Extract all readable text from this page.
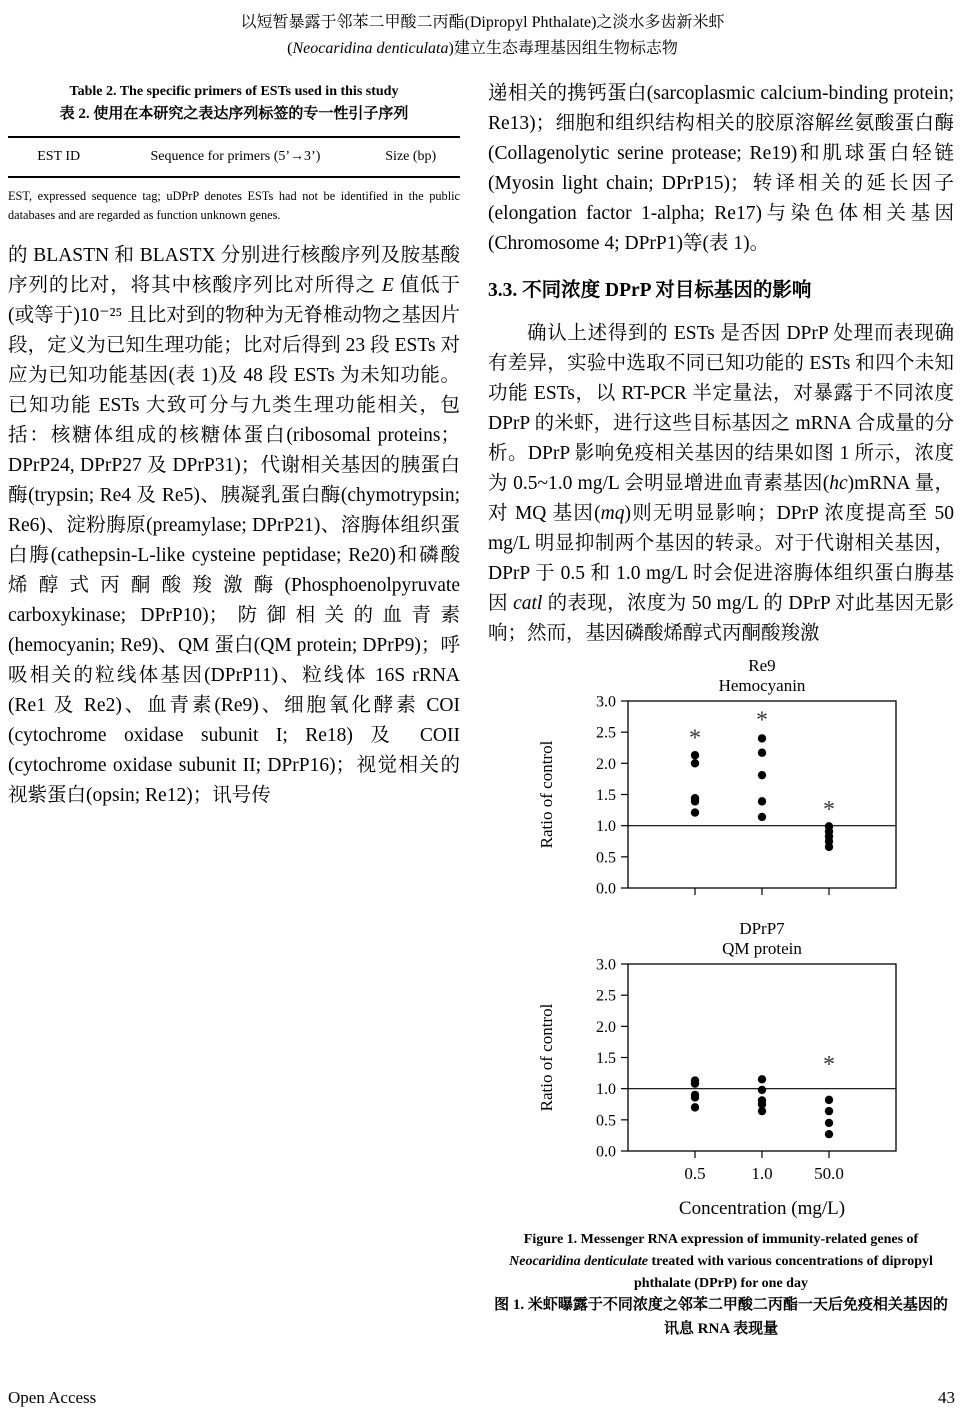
以短暂暴露于邻苯二甲酸二丙酯(Dipropyl Phthalate)之淡水多齿新米虾
(Neocaridina denticulata)建立生态毒理基因组生物标志物
Table 2. The specific primers of ESTs used in this study
表 2. 使用在本研究之表达序列标签的专一性引子序列
EST ID	Sequence for primers (5’→3’)	Size (bp)
EST, expressed sequence tag; uDPrP denotes ESTs had not be identified in the public databases and are regarded as function unknown genes.
的 BLASTN 和 BLASTX 分别进行核酸序列及胺基酸序列的比对，将其中核酸序列比对所得之 E 值低于(或等于)10⁻²⁵ 且比对到的物种为无脊椎动物之基因片段，定义为已知生理功能；比对后得到 23 段 ESTs 对应为已知功能基因(表 1)及 48 段 ESTs 为未知功能。已知功能 ESTs 大致可分与九类生理功能相关，包括：核糖体组成的核糖体蛋白(ribosomal proteins；DPrP24, DPrP27 及 DPrP31)；代谢相关基因的胰蛋白酶(trypsin; Re4 及 Re5)、胰凝乳蛋白酶(chymotrypsin; Re6)、淀粉脢原(preamylase; DPrP21)、溶脢体组织蛋白脢(cathepsin-L-like cysteine peptidase; Re20)和磷酸烯醇式丙酮酸羧激酶(Phosphoenolpyruvate carboxykinase; DPrP10)；防御相关的血青素(hemocyanin; Re9)、QM 蛋白(QM protein; DPrP9)；呼吸相关的粒线体基因(DPrP11)、粒线体 16S rRNA (Re1 及 Re2)、血青素(Re9)、细胞氧化酵素 COI (cytochrome oxidase subunit I; Re18) 及 COII (cytochrome oxidase subunit II; DPrP16)；视觉相关的视紫蛋白(opsin; Re12)；讯号传
递相关的携钙蛋白(sarcoplasmic calcium-binding protein; Re13)；细胞和组织结构相关的胶原溶解丝氨酸蛋白酶(Collagenolytic serine protease; Re19)和肌球蛋白轻链(Myosin light chain; DPrP15)；转译相关的延长因子(elongation factor 1-alpha; Re17)与染色体相关基因(Chromosome 4; DPrP1)等(表 1)。
3.3. 不同浓度 DPrP 对目标基因的影响
确认上述得到的 ESTs 是否因 DPrP 处理而表现确有差异，实验中选取不同已知功能的 ESTs 和四个未知功能 ESTs，以 RT-PCR 半定量法，对暴露于不同浓度 DPrP 的米虾，进行这些目标基因之 mRNA 合成量的分析。DPrP 影响免疫相关基因的结果如图 1 所示，浓度为 0.5~1.0 mg/L 会明显增进血青素基因(hc)mRNA 量，对 MQ 基因(mq)则无明显影响；DPrP 浓度提高至 50 mg/L 明显抑制两个基因的转录。对于代谢相关基因，DPrP 于 0.5 和 1.0 mg/L 时会促进溶脢体组织蛋白脢基因 catl 的表现，浓度为 50 mg/L 的 DPrP 对此基因无影响；然而，基因磷酸烯醇式丙酮酸羧激
Re9
Hemocyanin
0.0
0.5
1.0
1.5
2.0
2.5
3.0
Ratio of control
*
*
*
DPrP7
QM protein
0.0
0.5
1.0
1.5
2.0
2.5
3.0
Ratio of control
0.5	1.0
*
50.0
Concentration (mg/L)
Figure 1. Messenger RNA expression of immunity-related genes of Neocaridina denticulate treated with various concentrations of dipropyl phthalate (DPrP) for one day
图 1. 米虾曝露于不同浓度之邻苯二甲酸二丙酯一天后免疫相关基因的讯息 RNA 表现量
Open Access	43
